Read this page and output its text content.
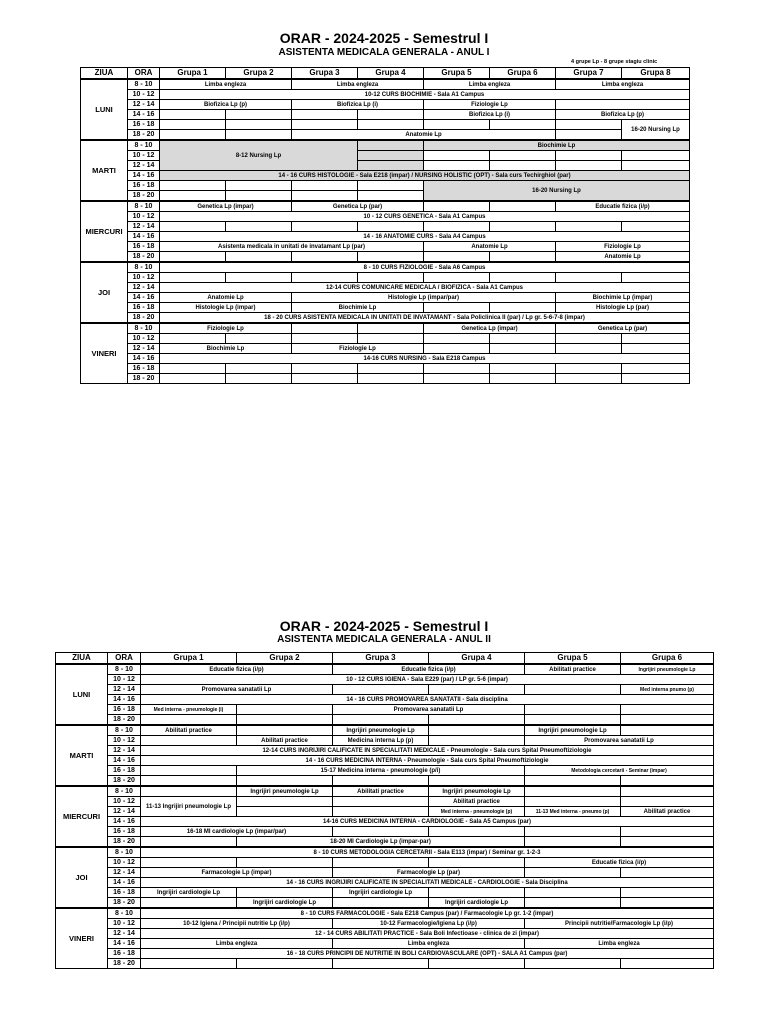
ORAR - 2024-2025 - Semestrul I
ASISTENTA MEDICALA GENERALA - ANUL I
4 grupe Lp - 8 grupe stagiu clinic
ZIUA	ORA	Grupa 1	Grupa 2	Grupa 3	Grupa 4	Grupa 5	Grupa 6	Grupa 7	Grupa 8
LUNI	8 - 10	Limba engleza		Limba engleza		Limba engleza		Limba engleza	
	10 - 12	10-12 CURS BIOCHIMIE - Sala A1 Campus							
	12 - 14	Biofizica Lp (p)		Biofizica Lp (i)		Fiziologie Lp			
	14 - 16					Biofizica Lp (i)		Biofizica Lp (p)	
	16 - 18								16-20 Nursing Lp
	18 - 20			Anatomie Lp					
MARTI	8 - 10	8-12 Nursing Lp				Biochimie Lp			
	10 - 12								
	12 - 14								
	14 - 16	14 - 16 CURS HISTOLOGIE - Sala E218 (impar) / NURSING HOLISTIC (OPT) - Sala curs Techirghiol (par)							
	16 - 18					16-20 Nursing Lp			
	18 - 20								
MIERCURI	8 - 10	Genetica Lp (impar)		Genetica Lp (par)				Educatie fizica (i/p)	
	10 - 12	10 - 12 CURS GENETICA - Sala A1 Campus							
	12 - 14								
	14 - 16	14 - 16 ANATOMIE CURS - Sala A4 Campus							
	16 - 18	Asistenta medicala in unitati de invatamant Lp (par)				Anatomie Lp		Fiziologie Lp	
	18 - 20							Anatomie Lp	
JOI	8 - 10	8 - 10 CURS FIZIOLOGIE - Sala A6 Campus							
	10 - 12								
	12 - 14	12-14 CURS COMUNICARE MEDICALA / BIOFIZICA - Sala A1 Campus							
	14 - 16	Anatomie Lp		Histologie Lp (impar/par)				Biochimie Lp (impar)	
	16 - 18	Histologie Lp (impar)		Biochimie Lp				Histologie Lp (par)	
	18 - 20	18 - 20 CURS ASISTENTA MEDICALA IN UNITATI DE INVATAMANT - Sala Policlinica II (par) / Lp gr. 5-6-7-8 (impar)							
VINERI	8 - 10	Fiziologie Lp				Genetica Lp (impar)		Genetica Lp (par)	
	10 - 12								
	12 - 14	Biochimie Lp		Fiziologie Lp					
	14 - 16	14-16 CURS NURSING - Sala E218 Campus							
	16 - 18								
	18 - 20								
ORAR - 2024-2025 - Semestrul I
ASISTENTA MEDICALA GENERALA - ANUL II
ZIUA	ORA	Grupa 1	Grupa 2	Grupa 3	Grupa 4	Grupa 5	Grupa 6
LUNI	8 - 10	Educatie fizica (i/p)		Educatie fizica (i/p)		Abilitati practice	Ingrijiri pneumologie Lp
	10 - 12	10 - 12 CURS IGIENA - Sala E229 (par) / LP gr. 5-6 (impar)					
	12 - 14	Promovarea sanatatii Lp					Med interna pnumo (p)
	14 - 16	14 - 16 CURS PROMOVAREA SANATATII - Sala disciplina					
	16 - 18	Med interna - pneumologie (i)		Promovarea sanatatii Lp			
	18 - 20						
MARTI	8 - 10	Abilitati practice		Ingrijiri pneumologie Lp		Ingrijiri pneumologie Lp	
	10 - 12		Abilitati practice	Medicina interna Lp (p)		Promovarea sanatatii Lp	
	12 - 14	12-14 CURS INGRIJIRI CALIFICATE IN SPECIALITATI MEDICALE - Pneumologie - Sala curs Spital Pneumoftiziologie					
	14 - 16	14 - 16 CURS MEDICINA INTERNA - Pneumologie - Sala curs Spital Pneumoftiziologie					
	16 - 18		15-17 Medicina interna - pneumologie (p/i)			Metodologia cercetarii - Seminar (impar)	
	18 - 20						
MIERCURI	8 - 10		Ingrijiri pneumologie Lp	Abilitati practice	Ingrijiri pneumologie Lp		
	10 - 12	11-13 Ingrijiri pneumologie Lp			Abilitati practice		
	12 - 14				Med interna - pneumologie (p)	11-13 Med interna - pneumo (p)	Abilitati practice
	14 - 16	14-16 CURS MEDICINA INTERNA - CARDIOLOGIE - Sala A5 Campus (par)					
	16 - 18	16-18 MI cardiologie Lp (impar/par)					
	18 - 20		18-20 MI Cardiologie Lp (impar-par)				
JOI	8 - 10	8 - 10 CURS METODOLOGIA CERCETARII - Sala E113 (impar) / Seminar gr. 1-2-3					
	10 - 12					Educatie fizica (i/p)	
	12 - 14	Farmacologie Lp (impar)		Farmacologie Lp (par)			
	14 - 16	14 - 16 CURS INGRIJIRI CALIFICATE IN SPECIALITATI MEDICALE - CARDIOLOGIE - Sala Disciplina					
	16 - 18	Ingrijiri cardiologie Lp		Ingrijiri cardiologie Lp			
	18 - 20		Ingrijiri cardiologie Lp		Ingrijiri cardiologie Lp		
VINERI	8 - 10	8 - 10 CURS FARMACOLOGIE - Sala E218 Campus (par) / Farmacologie Lp gr. 1-2 (impar)					
	10 - 12	10-12 Igiena / Principii nutritie Lp (i/p)		10-12 Farmacologie/Igiena Lp (i/p)		Principii nutritie/Farmacologie Lp (i/p)	
	12 - 14	12 - 14 CURS ABILITATI PRACTICE - Sala Boli Infectioase - clinica de zi (impar)					
	14 - 16	Limba engleza		Limba engleza		Limba engleza	
	16 - 18	16 - 18 CURS PRINCIPII DE NUTRITIE IN BOLI CARDIOVASCULARE (OPT) - SALA A1 Campus (par)					
	18 - 20						
